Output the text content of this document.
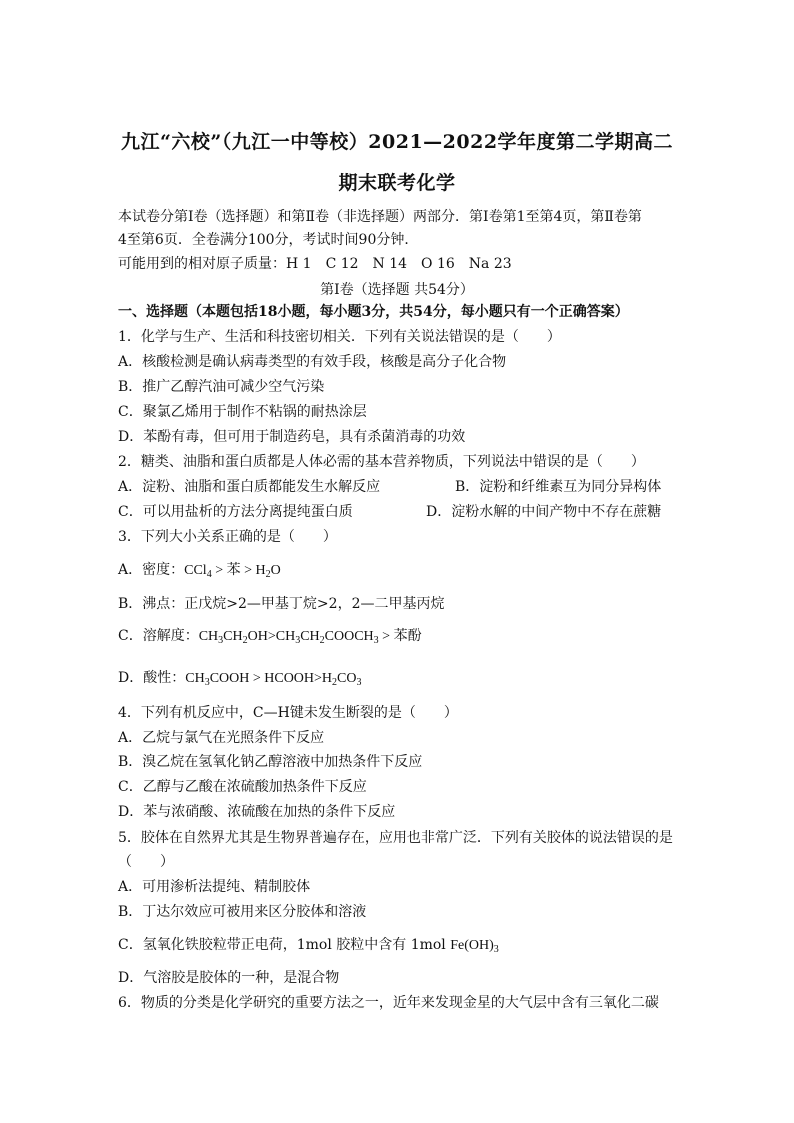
九江“六校”（九江一中等校）2021—2022学年度第二学期高二
期末联考化学
本试卷分第Ⅰ卷（选择题）和第Ⅱ卷（非选择题）两部分．第Ⅰ卷第1至第4页，第Ⅱ卷第
4至第6页．全卷满分100分，考试时间90分钟．
可能用到的相对原子质量：H 1　C 12　N 14　O 16　Na 23
第Ⅰ卷（选择题 共54分）
一、选择题（本题包括18小题，每小题3分，共54分，每小题只有一个正确答案）
1．化学与生产、生活和科技密切相关．下列有关说法错误的是（　　）
A．核酸检测是确认病毒类型的有效手段，核酸是高分子化合物
B．推广乙醇汽油可减少空气污染
C．聚氯乙烯用于制作不粘锅的耐热涂层
D．苯酚有毒，但可用于制造药皂，具有杀菌消毒的功效
2．糖类、油脂和蛋白质都是人体必需的基本营养物质，下列说法中错误的是（　　）
A．淀粉、油脂和蛋白质都能发生水解反应	B．淀粉和纤维素互为同分异构体
C．可以用盐析的方法分离提纯蛋白质	D．淀粉水解的中间产物中不存在蔗糖
3．下列大小关系正确的是（　　）
A．密度：CCl$_4$ > 苯 > $H_2O$
B．沸点：正戊烷>2—甲基丁烷>2，2—二甲基丙烷
C．溶解度：$CH_3CH_2OH>CH_3CH_2COOCH_3$ > 苯酚
D．酸性：$CH_3COOH$ > $HCOOH>H_2CO_3$
4．下列有机反应中，C—H键未发生断裂的是（　　）
A．乙烷与氯气在光照条件下反应
B．溴乙烷在氢氧化钠乙醇溶液中加热条件下反应
C．乙醇与乙酸在浓硫酸加热条件下反应
D．苯与浓硝酸、浓硫酸在加热的条件下反应
5．胶体在自然界尤其是生物界普遍存在，应用也非常广泛．下列有关胶体的说法错误的是
（　　）
A．可用渗析法提纯、精制胶体
B．丁达尔效应可被用来区分胶体和溶液
C．氢氧化铁胶粒带正电荷，1mol 胶粒中含有 1mol $Fe(OH)_3$
D．气溶胶是胶体的一种，是混合物
6．物质的分类是化学研究的重要方法之一，近年来发现金星的大气层中含有三氧化二碳
